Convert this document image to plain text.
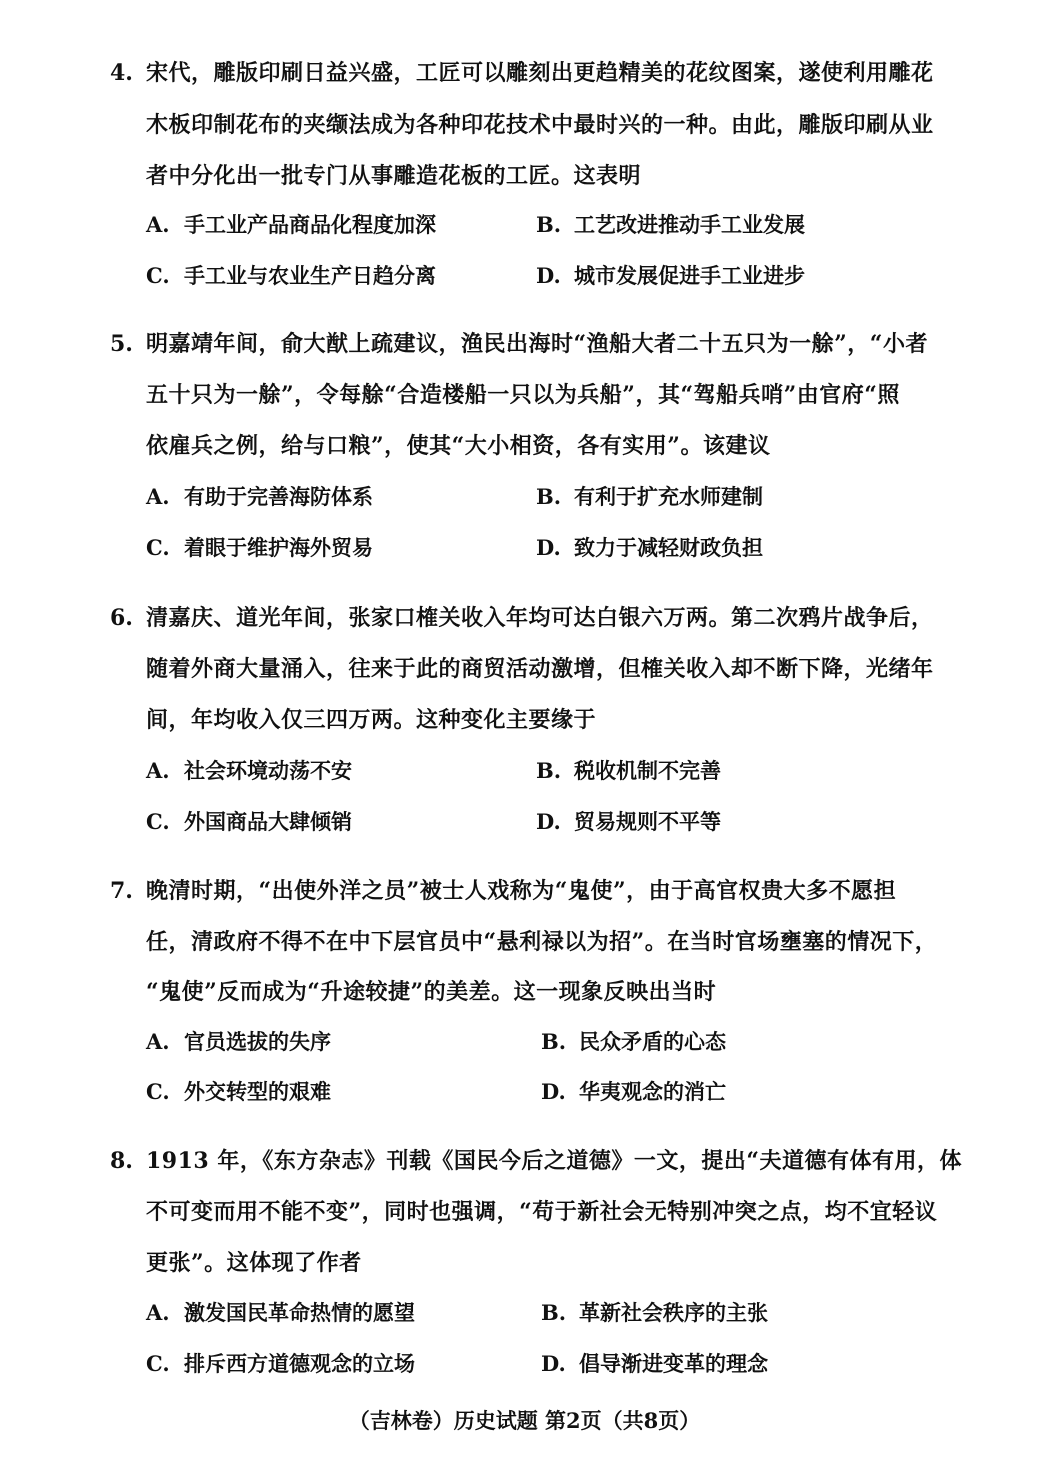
4. 宋代，雕版印刷日益兴盛，工匠可以雕刻出更趋精美的花纹图案，遂使利用雕花
木板印制花布的夹缬法成为各种印花技术中最时兴的一种。由此，雕版印刷从业
者中分化出一批专门从事雕造花板的工匠。这表明
A. 手工业产品商品化程度加深	B. 工艺改进推动手工业发展
C. 手工业与农业生产日趋分离	D. 城市发展促进手工业进步
5. 明嘉靖年间，俞大猷上疏建议，渔民出海时“渔船大者二十五只为一艅”，“小者
五十只为一艅”，令每艅“合造楼船一只以为兵船”，其“驾船兵哨”由官府“照
依雇兵之例，给与口粮”，使其“大小相资，各有实用”。该建议
A. 有助于完善海防体系	B. 有利于扩充水师建制
C. 着眼于维护海外贸易	D. 致力于减轻财政负担
6. 清嘉庆、道光年间，张家口榷关收入年均可达白银六万两。第二次鸦片战争后，
随着外商大量涌入，往来于此的商贸活动激增，但榷关收入却不断下降，光绪年
间，年均收入仅三四万两。这种变化主要缘于
A. 社会环境动荡不安	B. 税收机制不完善
C. 外国商品大肆倾销	D. 贸易规则不平等
7. 晚清时期，“出使外洋之员”被士人戏称为“鬼使”，由于高官权贵大多不愿担
任，清政府不得不在中下层官员中“悬利禄以为招”。在当时官场壅塞的情况下，
“鬼使”反而成为“升途较捷”的美差。这一现象反映出当时
A. 官员选拔的失序	B. 民众矛盾的心态
C. 外交转型的艰难	D. 华夷观念的消亡
8. 1913 年，《东方杂志》刊载《国民今后之道德》一文，提出“夫道德有体有用，体
不可变而用不能不变”，同时也强调，“苟于新社会无特别冲突之点，均不宜轻议
更张”。这体现了作者
A. 激发国民革命热情的愿望	B. 革新社会秩序的主张
C. 排斥西方道德观念的立场	D. 倡导渐进变革的理念
（吉林卷）历史试题 第2页（共8页）
